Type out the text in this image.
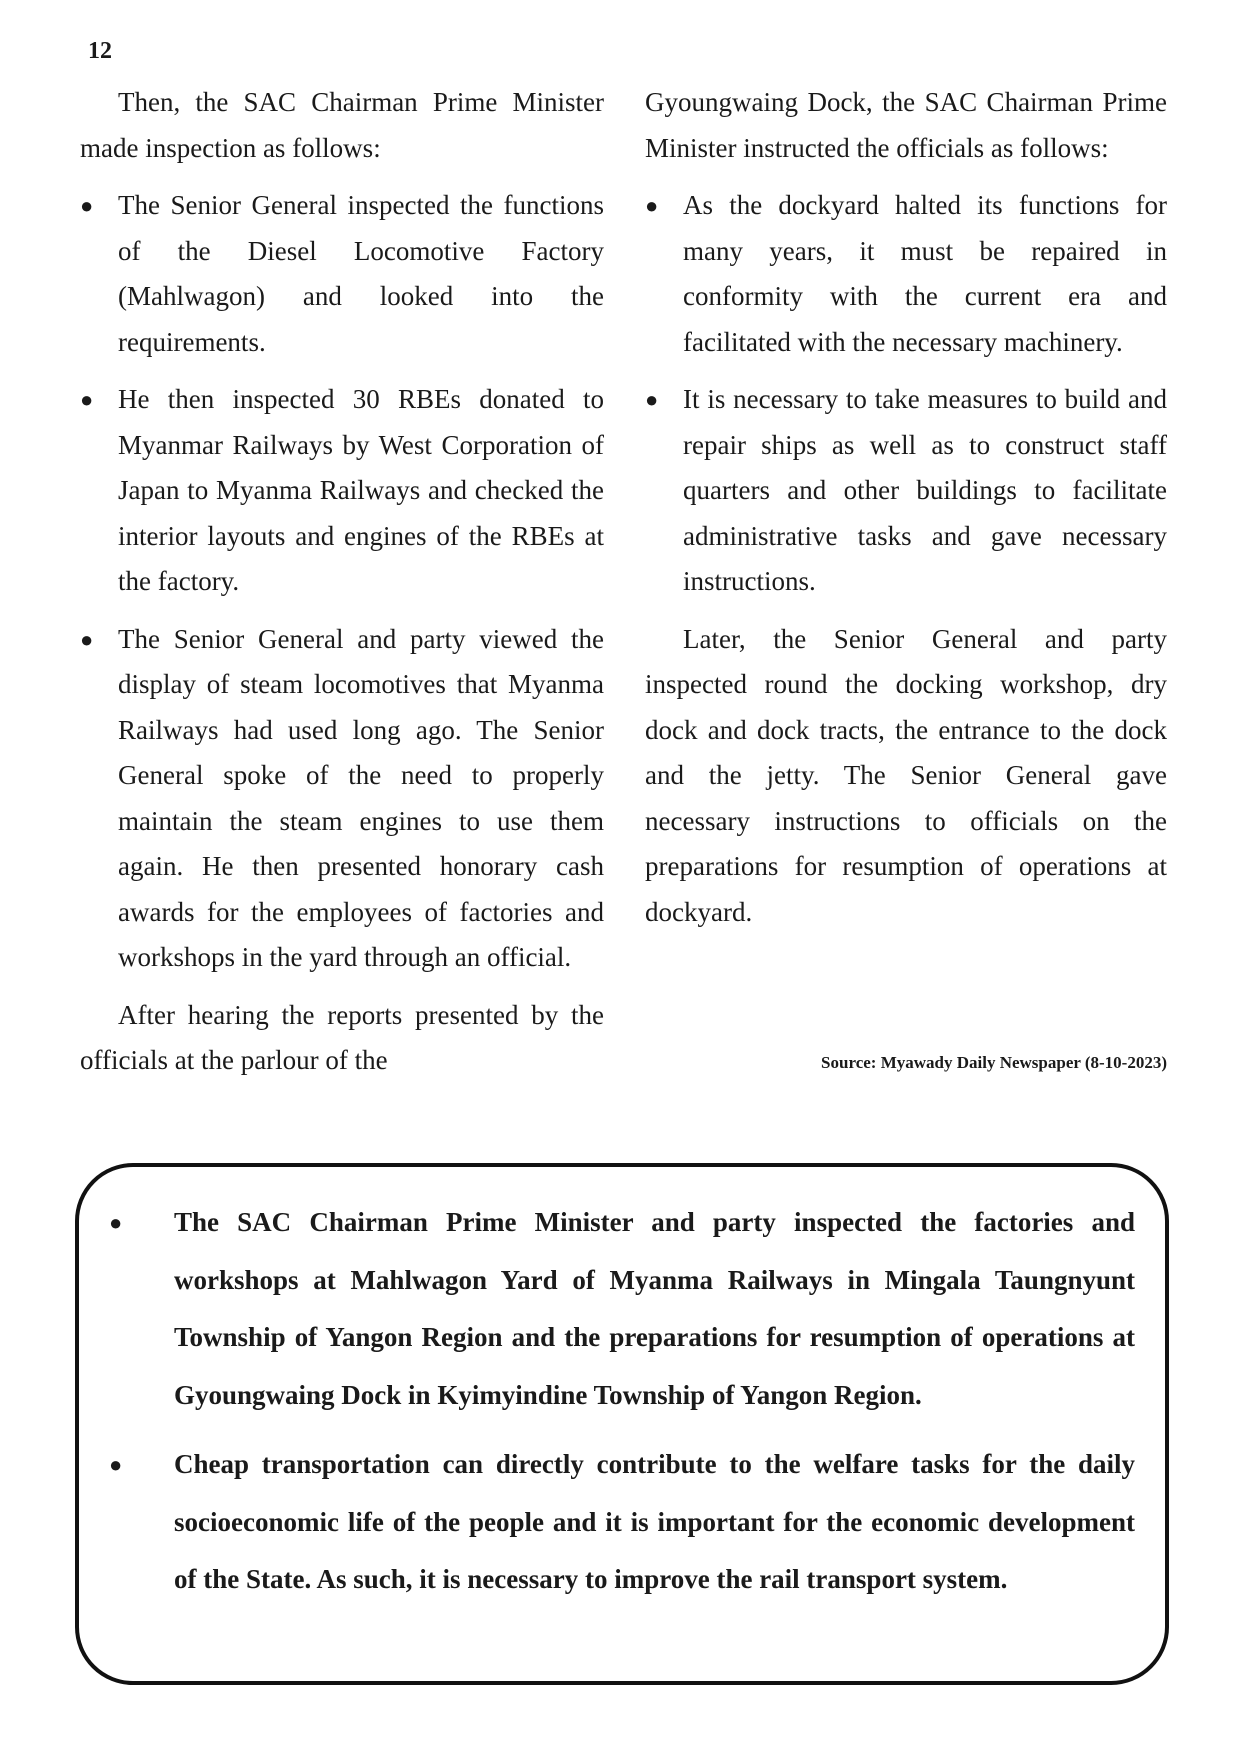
12

Then, the SAC Chairman Prime Minister made inspection as follows:

● The Senior General inspected the functions of the Diesel Locomotive Factory (Mahlwagon) and looked into the requirements.
● He then inspected 30 RBEs donated to Myanmar Railways by West Corporation of Japan to Myanma Railways and checked the interior layouts and engines of the RBEs at the factory.
● The Senior General and party viewed the display of steam locomotives that Myanma Railways had used long ago. The Senior General spoke of the need to properly maintain the steam engines to use them again. He then presented honorary cash awards for the employees of factories and workshops in the yard through an official.

After hearing the reports presented by the officials at the parlour of the

Gyoungwaing Dock, the SAC Chairman Prime Minister instructed the officials as follows:

● As the dockyard halted its functions for many years, it must be repaired in conformity with the current era and facilitated with the necessary machinery.
● It is necessary to take measures to build and repair ships as well as to construct staff quarters and other buildings to facilitate administrative tasks and gave necessary instructions.

Later, the Senior General and party inspected round the docking workshop, dry dock and dock tracts, the entrance to the dock and the jetty. The Senior General gave necessary instructions to officials on the preparations for resumption of operations at dockyard.

Source: Myawady Daily Newspaper (8-10-2023)
● The SAC Chairman Prime Minister and party inspected the factories and workshops at Mahlwagon Yard of Myanma Railways in Mingala Taungnyunt Township of Yangon Region and the preparations for resumption of operations at Gyoungwaing Dock in Kyimyindine Township of Yangon Region.
● Cheap transportation can directly contribute to the welfare tasks for the daily socioeconomic life of the people and it is important for the economic development of the State. As such, it is necessary to improve the rail transport system.
